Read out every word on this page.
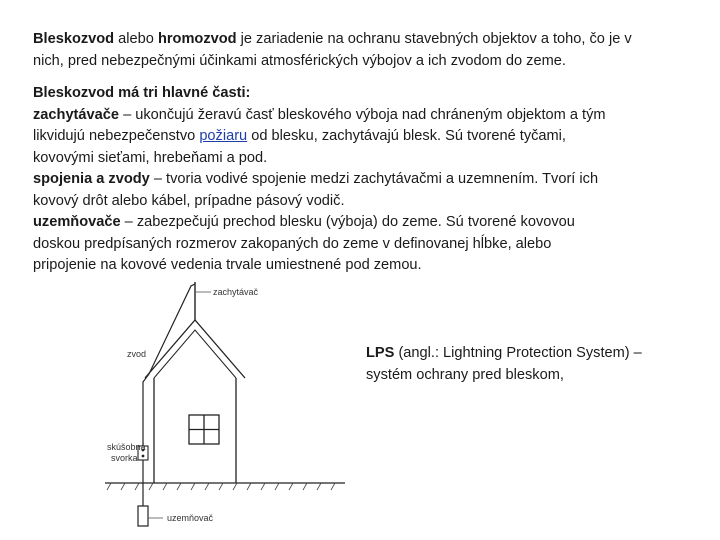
Bleskozvod alebo hromozvod je zariadenie na ochranu stavebných objektov a toho, čo je v
nich, pred nebezpečnými účinkami atmosférických výbojov a ich zvodom do zeme.

Bleskozvod má tri hlavné časti:
zachytávače – ukončujú žeravú časť bleskového výboja nad chráneným objektom a tým
likvidujú nebezpečenstvo požiaru od blesku, zachytávajú blesk. Sú tvorené tyčami,
kovovými sieťami, hrebeňami a pod.
spojenia a zvody – tvoria vodivé spojenie medzi zachytávačmi a uzemnením. Tvorí ich
kovový drôt alebo kábel, prípadne pásový vodič.
uzemňovače – zabezpečujú prechod blesku (výboja) do zeme. Sú tvorené kovovou
doskou predpísaných rozmerov zakopaných do zeme v definovanej hĺbke, alebo
pripojenie na kovové vedenia trvale umiestnené pod zemou.

zachytávač
zvod
skúšobná
svorka
uzemňovač

LPS (angl.: Lightning Protection System) –
systém ochrany pred bleskom,
